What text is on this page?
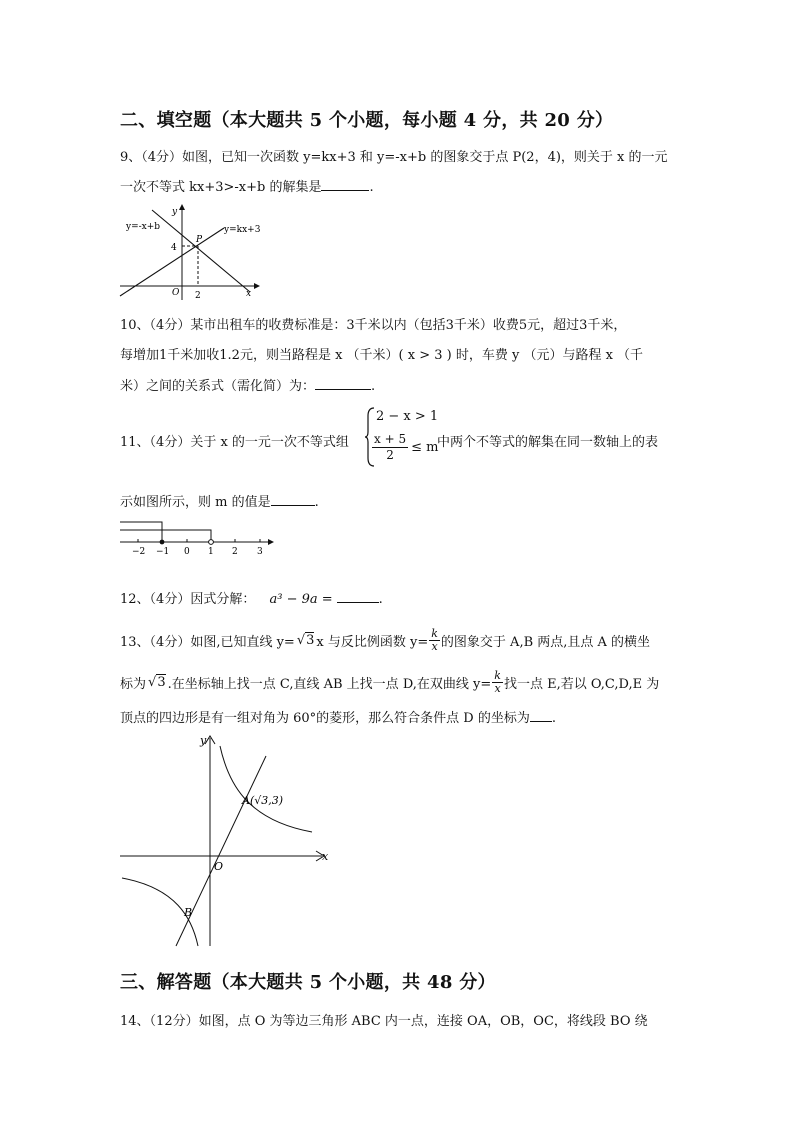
二、填空题（本大题共 5 个小题，每小题 4 分，共 20 分）
9、（4分）如图，已知一次函数 y=kx+3 和 y=-x+b 的图象交于点 P(2，4)，则关于 x 的一元
一次不等式 kx+3>-x+b 的解集是	.
y=-x+b	y=kx+3
y
x
P
O
4
2
10、（4分）某市出租车的收费标准是：3千米以内（包括3千米）收费5元，超过3千米，
每增加1千米加收1.2元，则当路程是 x （千米）( x > 3 ) 时，车费 y （元）与路程 x （千
米）之间的关系式（需化简）为：	.
11、（4分）关于 x 的一元一次不等式组
2 − x > 1
$\frac{x + 5}{2} \le m$
中两个不等式的解集在同一数轴上的表
示如图所示，则 m 的值是	.
−2 −1 0 1 2 3
12、（4分）因式分解： a³ − 9a =	.
13、（4分）如图,已知直线 y= √3 x 与反比例函数 $y= \frac{k}{x}$ 的图象交于 A,B 两点,且点 A 的横坐
标为 √3 .在坐标轴上找一点 C,直线 AB 上找一点 D,在双曲线 $y= \frac{k}{x}$ 找一点 E,若以 O,C,D,E 为
顶点的四边形是有一组对角为 60°的菱形，那么符合条件点 D 的坐标为 .
y
x
O
A(√3,3)
B
三、解答题（本大题共 5 个小题，共 48 分）
14、（12分）如图，点 O 为等边三角形 ABC 内一点，连接 OA，OB，OC，将线段 BO 绕
